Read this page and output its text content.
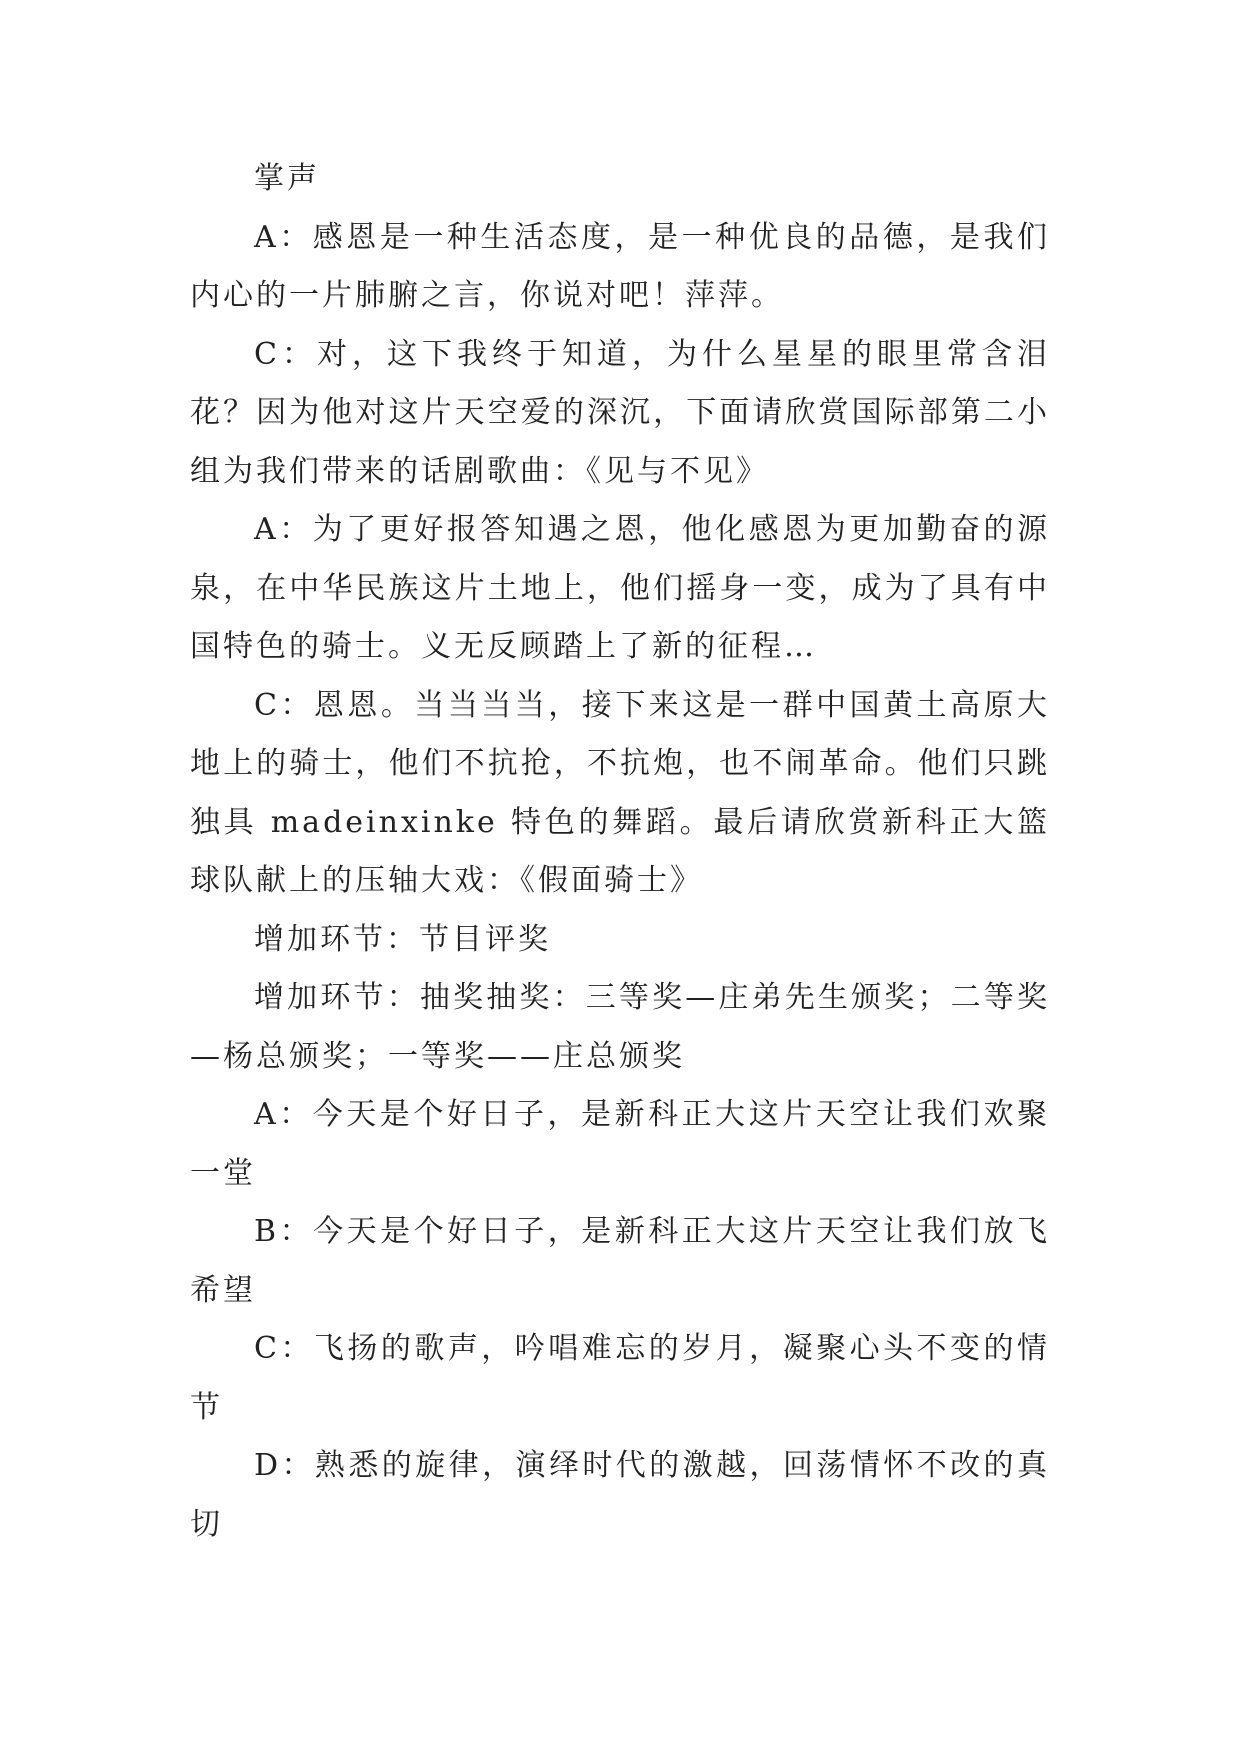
掌声

A：感恩是一种生活态度，是一种优良的品德，是我们内心的一片肺腑之言，你说对吧！萍萍。

C：对，这下我终于知道，为什么星星的眼里常含泪花？因为他对这片天空爱的深沉，下面请欣赏国际部第二小组为我们带来的话剧歌曲：《见与不见》

A：为了更好报答知遇之恩，他化感恩为更加勤奋的源泉，在中华民族这片土地上，他们摇身一变，成为了具有中国特色的骑士。义无反顾踏上了新的征程…

C：恩恩。当当当当，接下来这是一群中国黄土高原大地上的骑士，他们不抗抢，不抗炮，也不闹革命。他们只跳独具 madeinxinke 特色的舞蹈。最后请欣赏新科正大篮球队献上的压轴大戏：《假面骑士》

增加环节：节目评奖

增加环节：抽奖抽奖：三等奖—庄弟先生颁奖；二等奖—杨总颁奖；一等奖——庄总颁奖

A：今天是个好日子，是新科正大这片天空让我们欢聚一堂

B：今天是个好日子，是新科正大这片天空让我们放飞希望

C：飞扬的歌声，吟唱难忘的岁月，凝聚心头不变的情节

D：熟悉的旋律，演绎时代的激越，回荡情怀不改的真切
